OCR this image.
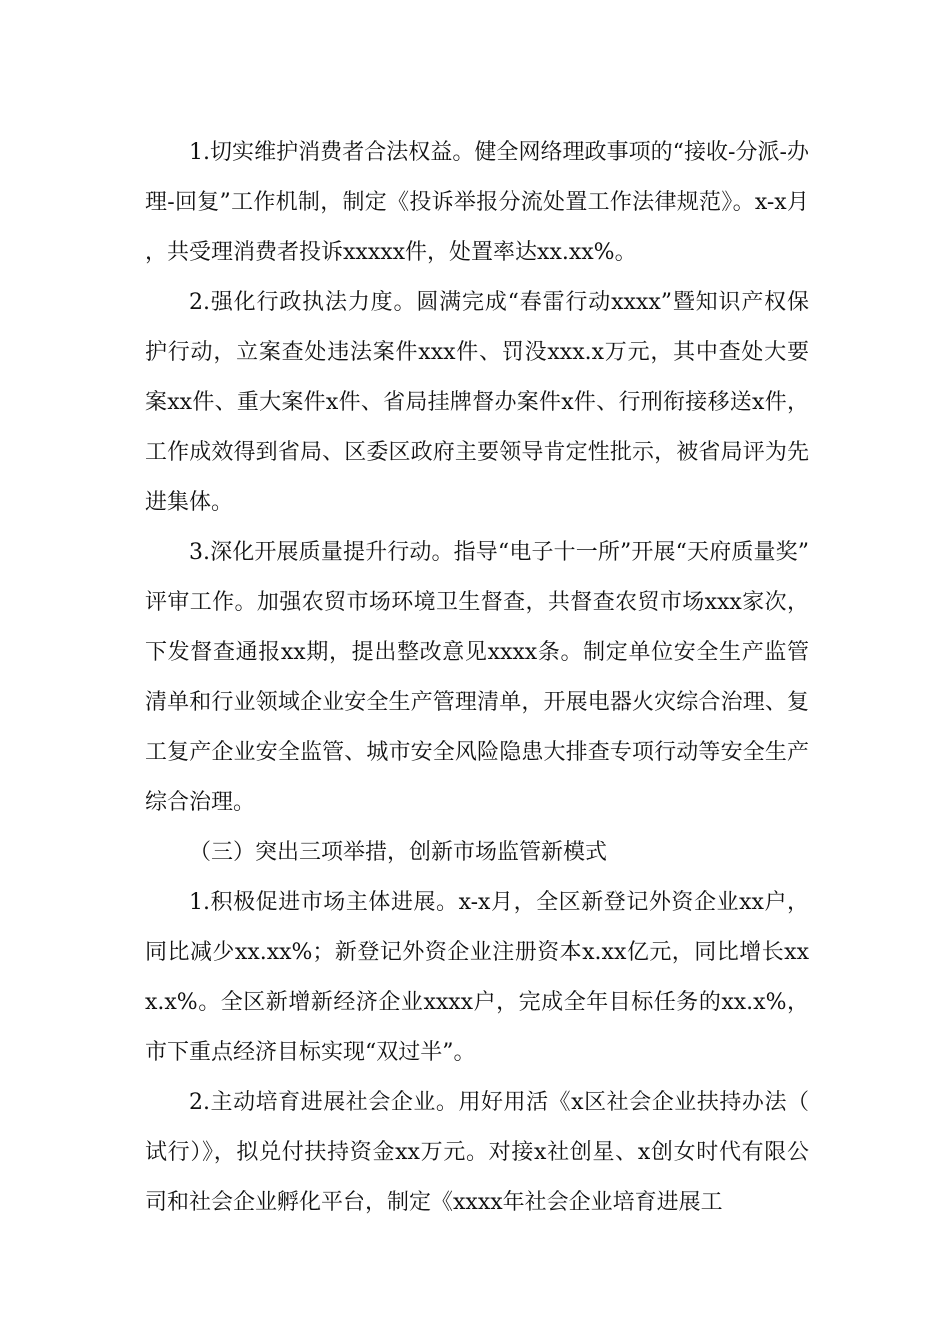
1.切实维护消费者合法权益。健全网络理政事项的“接收-分派-办理-回复”工作机制，制定《投诉举报分流处置工作法律规范》。x-x月，共受理消费者投诉xxxxx件，处置率达xx.xx%。

2.强化行政执法力度。圆满完成“春雷行动xxxx”暨知识产权保护行动，立案查处违法案件xxx件、罚没xxx.x万元，其中查处大要案xx件、重大案件x件、省局挂牌督办案件x件、行刑衔接移送x件，工作成效得到省局、区委区政府主要领导肯定性批示，被省局评为先进集体。

3.深化开展质量提升行动。指导“电子十一所”开展“天府质量奖”评审工作。加强农贸市场环境卫生督查，共督查农贸市场xxx家次，下发督查通报xx期，提出整改意见xxxx条。制定单位安全生产监管清单和行业领域企业安全生产管理清单，开展电器火灾综合治理、复工复产企业安全监管、城市安全风险隐患大排查专项行动等安全生产综合治理。

（三）突出三项举措，创新市场监管新模式

1.积极促进市场主体进展。x-x月，全区新登记外资企业xx户，同比减少xx.xx%；新登记外资企业注册资本x.xx亿元，同比增长xxx.x%。全区新增新经济企业xxxx户，完成全年目标任务的xx.x%，市下重点经济目标实现“双过半”。

2.主动培育进展社会企业。用好用活《x区社会企业扶持办法（试行）》，拟兑付扶持资金xx万元。对接x社创星、x创女时代有限公司和社会企业孵化平台，制定《xxxx年社会企业培育进展工
